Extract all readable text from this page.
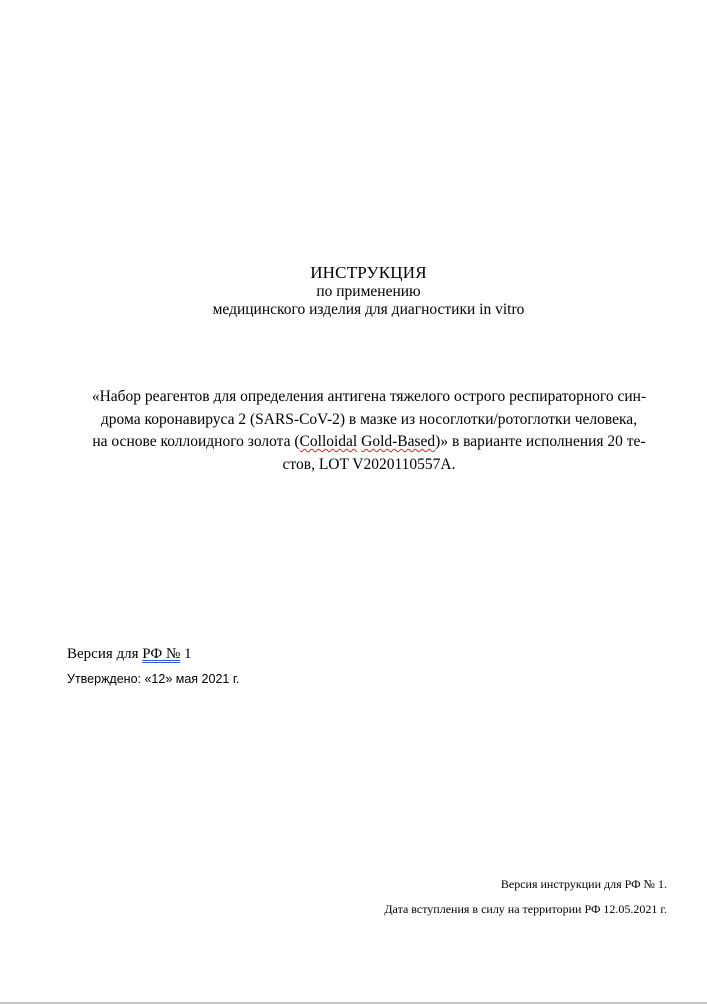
ИНСТРУКЦИЯ
по применению
медицинского изделия для диагностики in vitro
«Набор реагентов для определения антигена тяжелого острого респираторного син-
дрома коронавируса 2 (SARS-CoV-2) в мазке из носоглотки/ротоглотки человека,
на основе коллоидного золота (Colloidal Gold-Based)» в варианте исполнения 20 те-
стов, LOT V2020110557A.
Версия для РФ № 1
Утверждено: «12» мая 2021 г.
Версия инструкции для РФ № 1.
Дата вступления в силу на территории РФ 12.05.2021 г.
